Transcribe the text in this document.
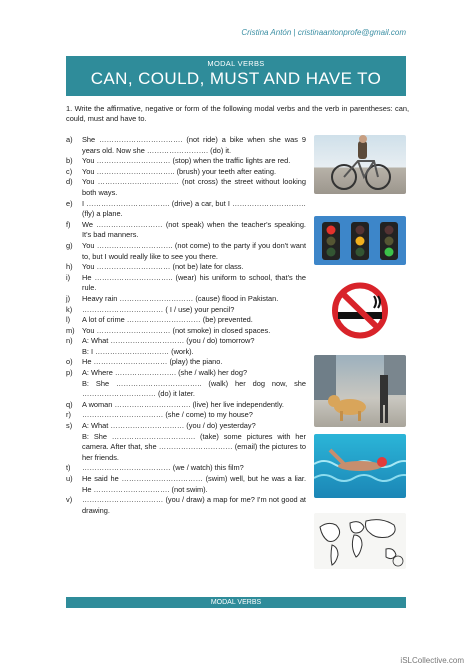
Cristina Antón | cristinaantonprofe@gmail.com
MODAL VERBS
CAN, COULD, MUST AND HAVE TO
1. Write the affirmative, negative or form of the following modal verbs and the verb in parentheses: can, could, must and have to.
a)	She ……………………………. (not ride) a bike when she was 9 years old. Now she ……………………. (do) it.
b)	You ………………………… (stop) when the traffic lights are red.
c)	You ………………………….. (brush) your teeth after eating.
d)	You …………………………… (not cross) the street without looking both ways.
e)	I ……………………………. (drive) a car, but I ………………………… (fly) a plane.
f)	We ……………………… (not speak) when the teacher's speaking. It's bad manners.
g)	You …………………………. (not come) to the party if you don't want to, but I would really like to see you there.
h)	You ………………………… (not be) late for class.
i)	He ………………………….. (wear) his uniform to school, that's the rule.
j)	Heavy rain ………………………… (cause) flood in Pakistan.
k)	…………………………… ( I / use) your pencil?
l)	A lot of crime ………………………… (be) prevented.
m) You ………………………… (not smoke) in closed spaces.
n)	A: What ………………………… (you / do) tomorrow?
B: I ………………………… (work).
o)	He ………………………… (play) the piano.
p)	A: Where ……………………. (she / walk) her dog?
B: She …………………………….. (walk) her dog now, she ………………………… (do) it later.
q)	A woman …………………………. (live) her live independently.
r)	…………………………… (she / come) to my house?
s)	A: What ………………………… (you / do) yesterday?
B: She ……………………………. (take) some pictures with her camera. After that, she ………………………… (email) the pictures to her friends.
t)	……………………………… (we / watch) this film?
u)	He said he …………………………… (swim) well, but he was a liar. He …………………………. (not swim).
v)	…………………………… (you / draw) a map for me? I'm not good at drawing.
MODAL VERBS
iSLCollective.com
